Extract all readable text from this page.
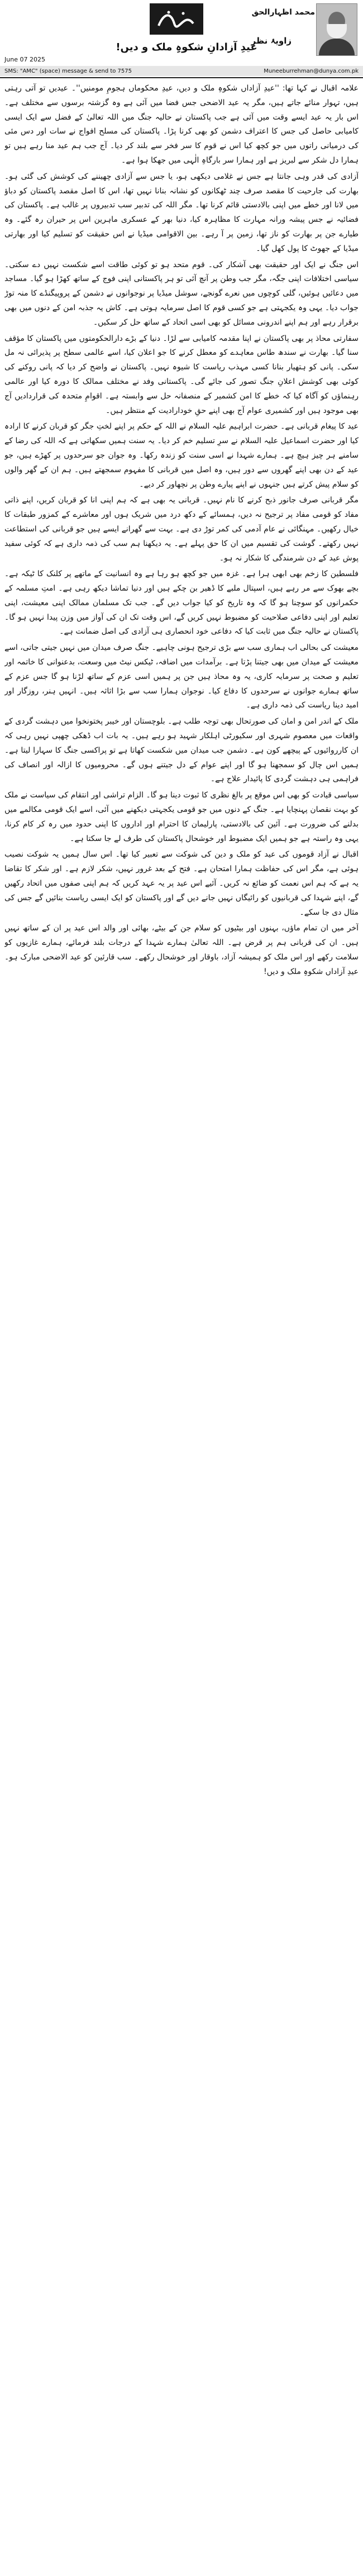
محمد اظہارالحق
زاویۂ نظر
عیدِ آزادانِ شکوہِ ملک و دیں!
June 07 2025
SMS: "AMC" (space) message & send to 7575	Muneeburrehman@dunya.com.pk

علامہ اقبال نے کہا تھا: ''عیدِ آزاداں شکوہِ ملک و دیں، عیدِ محکوماں ہجومِ مومنیں''۔ عیدیں تو آتی رہتی ہیں، تہوار منائے جاتے ہیں، مگر یہ عید الاضحی جس فضا میں آئی ہے وہ گزشتہ برسوں سے مختلف ہے۔ اس بار یہ عید ایسے وقت میں آئی ہے جب پاکستان نے حالیہ جنگ میں اللہ تعالیٰ کے فضل سے ایک ایسی کامیابی حاصل کی جس کا اعتراف دشمن کو بھی کرنا پڑا۔ پاکستان کی مسلح افواج نے سات اور دس مئی کی درمیانی راتوں میں جو کچھ کیا اس نے قوم کا سر فخر سے بلند کر دیا۔ آج جب ہم عید منا رہے ہیں تو ہمارا دل شکر سے لبریز ہے اور ہمارا سر بارگاہِ الٰہی میں جھکا ہوا ہے۔

آزادی کی قدر وہی جانتا ہے جس نے غلامی دیکھی ہو، یا جس سے آزادی چھیننے کی کوشش کی گئی ہو۔ بھارت کی جارحیت کا مقصد صرف چند ٹھکانوں کو نشانہ بنانا نہیں تھا، اس کا اصل مقصد پاکستان کو دباؤ میں لانا اور خطے میں اپنی بالادستی قائم کرنا تھا۔ مگر اللہ کی تدبیر سب تدبیروں پر غالب ہے۔ پاکستان کی فضائیہ نے جس پیشہ ورانہ مہارت کا مظاہرہ کیا، دنیا بھر کے عسکری ماہرین اس پر حیران رہ گئے۔ وہ طیارے جن پر بھارت کو ناز تھا، زمین پر آ رہے۔ بین الاقوامی میڈیا نے اس حقیقت کو تسلیم کیا اور بھارتی میڈیا کے جھوٹ کا پول کھل گیا۔

اس جنگ نے ایک اور حقیقت بھی آشکار کی۔ قوم متحد ہو تو کوئی طاقت اسے شکست نہیں دے سکتی۔ سیاسی اختلافات اپنی جگہ، مگر جب وطن پر آنچ آئی تو ہر پاکستانی اپنی فوج کے ساتھ کھڑا ہو گیا۔ مساجد میں دعائیں ہوئیں، گلی کوچوں میں نعرے گونجے، سوشل میڈیا پر نوجوانوں نے دشمن کے پروپیگنڈے کا منہ توڑ جواب دیا۔ یہی وہ یکجہتی ہے جو کسی قوم کا اصل سرمایہ ہوتی ہے۔ کاش یہ جذبہ امن کے دنوں میں بھی برقرار رہے اور ہم اپنے اندرونی مسائل کو بھی اسی اتحاد کے ساتھ حل کر سکیں۔

سفارتی محاذ پر بھی پاکستان نے اپنا مقدمہ کامیابی سے لڑا۔ دنیا کے بڑے دارالحکومتوں میں پاکستان کا مؤقف سنا گیا۔ بھارت نے سندھ طاس معاہدے کو معطل کرنے کا جو اعلان کیا، اسے عالمی سطح پر پذیرائی نہ مل سکی۔ پانی کو ہتھیار بنانا کسی مہذب ریاست کا شیوہ نہیں۔ پاکستان نے واضح کر دیا کہ پانی روکنے کی کوئی بھی کوشش اعلانِ جنگ تصور کی جائے گی۔ پاکستانی وفد نے مختلف ممالک کا دورہ کیا اور عالمی رہنماؤں کو آگاہ کیا کہ خطے کا امن کشمیر کے منصفانہ حل سے وابستہ ہے۔ اقوامِ متحدہ کی قراردادیں آج بھی موجود ہیں اور کشمیری عوام آج بھی اپنے حقِ خودارادیت کے منتظر ہیں۔

عید کا پیغام قربانی ہے۔ حضرت ابراہیم علیہ السلام نے اللہ کے حکم پر اپنے لختِ جگر کو قربان کرنے کا ارادہ کیا اور حضرت اسماعیل علیہ السلام نے سرِ تسلیم خم کر دیا۔ یہ سنت ہمیں سکھاتی ہے کہ اللہ کی رضا کے سامنے ہر چیز ہیچ ہے۔ ہمارے شہدا نے اسی سنت کو زندہ رکھا۔ وہ جوان جو سرحدوں پر کھڑے ہیں، جو عید کے دن بھی اپنے گھروں سے دور ہیں، وہ اصل میں قربانی کا مفہوم سمجھتے ہیں۔ ہم ان کے گھر والوں کو سلام پیش کرتے ہیں جنہوں نے اپنے پیارے وطن پر نچھاور کر دیے۔

مگر قربانی صرف جانور ذبح کرنے کا نام نہیں۔ قربانی یہ بھی ہے کہ ہم اپنی انا کو قربان کریں، اپنے ذاتی مفاد کو قومی مفاد پر ترجیح نہ دیں، ہمسائے کے دکھ درد میں شریک ہوں اور معاشرے کے کمزور طبقات کا خیال رکھیں۔ مہنگائی نے عام آدمی کی کمر توڑ دی ہے۔ بہت سے گھرانے ایسے ہیں جو قربانی کی استطاعت نہیں رکھتے۔ گوشت کی تقسیم میں ان کا حق پہلے ہے۔ یہ دیکھنا ہم سب کی ذمہ داری ہے کہ کوئی سفید پوش عید کے دن شرمندگی کا شکار نہ ہو۔

فلسطین کا زخم بھی ابھی ہرا ہے۔ غزہ میں جو کچھ ہو رہا ہے وہ انسانیت کے ماتھے پر کلنک کا ٹیکہ ہے۔ بچے بھوک سے مر رہے ہیں، اسپتال ملبے کا ڈھیر بن چکے ہیں اور دنیا تماشا دیکھ رہی ہے۔ امتِ مسلمہ کے حکمرانوں کو سوچنا ہو گا کہ وہ تاریخ کو کیا جواب دیں گے۔ جب تک مسلمان ممالک اپنی معیشت، اپنی تعلیم اور اپنی دفاعی صلاحیت کو مضبوط نہیں کریں گے، اس وقت تک ان کی آواز میں وزن پیدا نہیں ہو گا۔ پاکستان نے حالیہ جنگ میں ثابت کیا کہ دفاعی خود انحصاری ہی آزادی کی اصل ضمانت ہے۔

معیشت کی بحالی اب ہماری سب سے بڑی ترجیح ہونی چاہیے۔ جنگ صرف میدان میں نہیں جیتی جاتی، اسے معیشت کے میدان میں بھی جیتنا پڑتا ہے۔ برآمدات میں اضافہ، ٹیکس نیٹ میں وسعت، بدعنوانی کا خاتمہ اور تعلیم و صحت پر سرمایہ کاری، یہ وہ محاذ ہیں جن پر ہمیں اسی عزم کے ساتھ لڑنا ہو گا جس عزم کے ساتھ ہمارے جوانوں نے سرحدوں کا دفاع کیا۔ نوجوان ہمارا سب سے بڑا اثاثہ ہیں۔ انہیں ہنر، روزگار اور امید دینا ریاست کی ذمہ داری ہے۔

ملک کے اندر امن و امان کی صورتحال بھی توجہ طلب ہے۔ بلوچستان اور خیبر پختونخوا میں دہشت گردی کے واقعات میں معصوم شہری اور سکیورٹی اہلکار شہید ہو رہے ہیں۔ یہ بات اب ڈھکی چھپی نہیں رہی کہ ان کارروائیوں کے پیچھے کون ہے۔ دشمن جب میدان میں شکست کھاتا ہے تو پراکسی جنگ کا سہارا لیتا ہے۔ ہمیں اس چال کو سمجھنا ہو گا اور اپنے عوام کے دل جیتنے ہوں گے۔ محرومیوں کا ازالہ اور انصاف کی فراہمی ہی دہشت گردی کا پائیدار علاج ہے۔

سیاسی قیادت کو بھی اس موقع پر بالغ نظری کا ثبوت دینا ہو گا۔ الزام تراشی اور انتقام کی سیاست نے ملک کو بہت نقصان پہنچایا ہے۔ جنگ کے دنوں میں جو قومی یکجہتی دیکھنے میں آئی، اسے ایک قومی مکالمے میں بدلنے کی ضرورت ہے۔ آئین کی بالادستی، پارلیمان کا احترام اور اداروں کا اپنی حدود میں رہ کر کام کرنا، یہی وہ راستہ ہے جو ہمیں ایک مضبوط اور خوشحال پاکستان کی طرف لے جا سکتا ہے۔

اقبال نے آزاد قوموں کی عید کو ملک و دین کی شوکت سے تعبیر کیا تھا۔ اس سال ہمیں یہ شوکت نصیب ہوئی ہے، مگر اس کی حفاظت ہمارا امتحان ہے۔ فتح کے بعد غرور نہیں، شکر لازم ہے۔ اور شکر کا تقاضا یہ ہے کہ ہم اس نعمت کو ضائع نہ کریں۔ آئیے اس عید پر یہ عہد کریں کہ ہم اپنی صفوں میں اتحاد رکھیں گے، اپنے شہدا کی قربانیوں کو رائیگاں نہیں جانے دیں گے اور پاکستان کو ایک ایسی ریاست بنائیں گے جس کی مثال دی جا سکے۔

آخر میں ان تمام ماؤں، بہنوں اور بیٹیوں کو سلام جن کے بیٹے، بھائی اور والد اس عید پر ان کے ساتھ نہیں ہیں۔ ان کی قربانی ہم پر قرض ہے۔ اللہ تعالیٰ ہمارے شہدا کے درجات بلند فرمائے، ہمارے غازیوں کو سلامت رکھے اور اس ملک کو ہمیشہ آزاد، باوقار اور خوشحال رکھے۔ سب قارئین کو عید الاضحی مبارک ہو۔ عیدِ آزاداں شکوہِ ملک و دیں!
